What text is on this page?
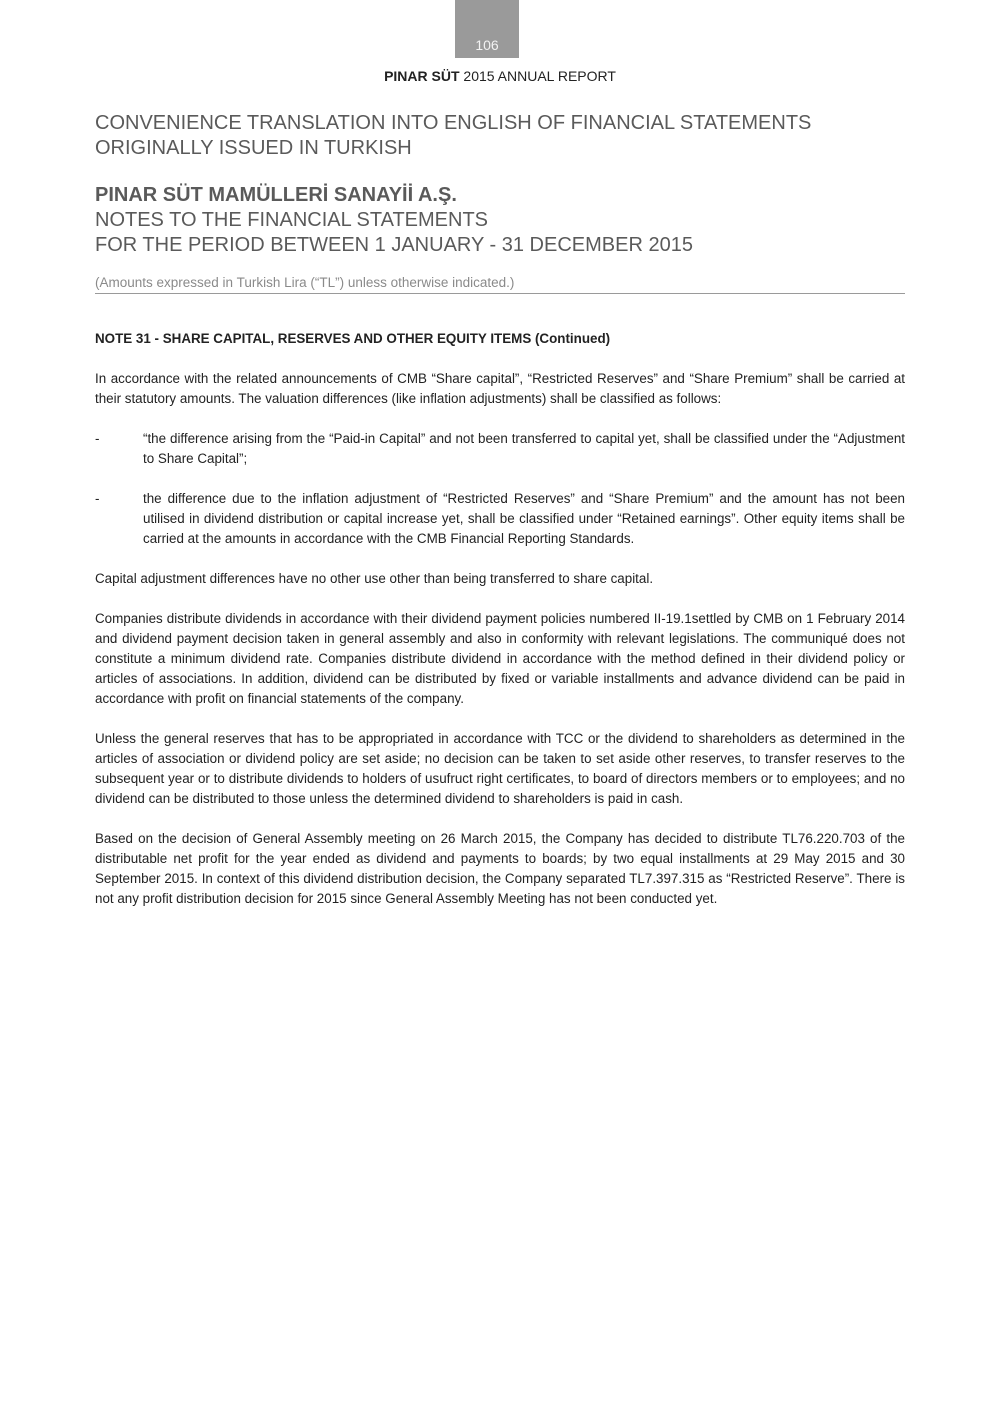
106
PINAR SÜT 2015 ANNUAL REPORT
CONVENIENCE TRANSLATION INTO ENGLISH OF FINANCIAL STATEMENTS
ORIGINALLY ISSUED IN TURKISH
PINAR SÜT MAMÜLLERİ SANAYİİ A.Ş.
NOTES TO THE FINANCIAL STATEMENTS
FOR THE PERIOD BETWEEN 1 JANUARY - 31 DECEMBER 2015
(Amounts expressed in Turkish Lira (“TL”) unless otherwise indicated.)
NOTE 31 - SHARE CAPITAL, RESERVES AND OTHER EQUITY ITEMS (Continued)
In accordance with the related announcements of CMB “Share capital”, “Restricted Reserves” and “Share Premium” shall be carried at their statutory amounts. The valuation differences (like inflation adjustments) shall be classified as follows:
-	“the difference arising from the “Paid-in Capital” and not been transferred to capital yet, shall be classified under the “Adjustment to Share Capital”;
-	the difference due to the inflation adjustment of “Restricted Reserves” and “Share Premium” and the amount has not been utilised in dividend distribution or capital increase yet, shall be classified under “Retained earnings”. Other equity items shall be carried at the amounts in accordance with the CMB Financial Reporting Standards.
Capital adjustment differences have no other use other than being transferred to share capital.
Companies distribute dividends in accordance with their dividend payment policies numbered II-19.1settled by CMB on 1 February 2014 and dividend payment decision taken in general assembly and also in conformity with relevant legislations. The communiqué does not constitute a minimum dividend rate. Companies distribute dividend in accordance with the method defined in their dividend policy or articles of associations. In addition, dividend can be distributed by fixed or variable installments and advance dividend can be paid in accordance with profit on financial statements of the company.
Unless the general reserves that has to be appropriated in accordance with TCC or the dividend to shareholders as determined in the articles of association or dividend policy are set aside; no decision can be taken to set aside other reserves, to transfer reserves to the subsequent year or to distribute dividends to holders of usufruct right certificates, to board of directors members or to employees; and no dividend can be distributed to those unless the determined dividend to shareholders is paid in cash.
Based on the decision of General Assembly meeting on 26 March 2015, the Company has decided to distribute TL76.220.703 of the distributable net profit for the year ended as dividend and payments to boards; by two equal installments at 29 May 2015 and 30 September 2015. In context of this dividend distribution decision, the Company separated TL7.397.315 as “Restricted Reserve”. There is not any profit distribution decision for 2015 since General Assembly Meeting has not been conducted yet.
